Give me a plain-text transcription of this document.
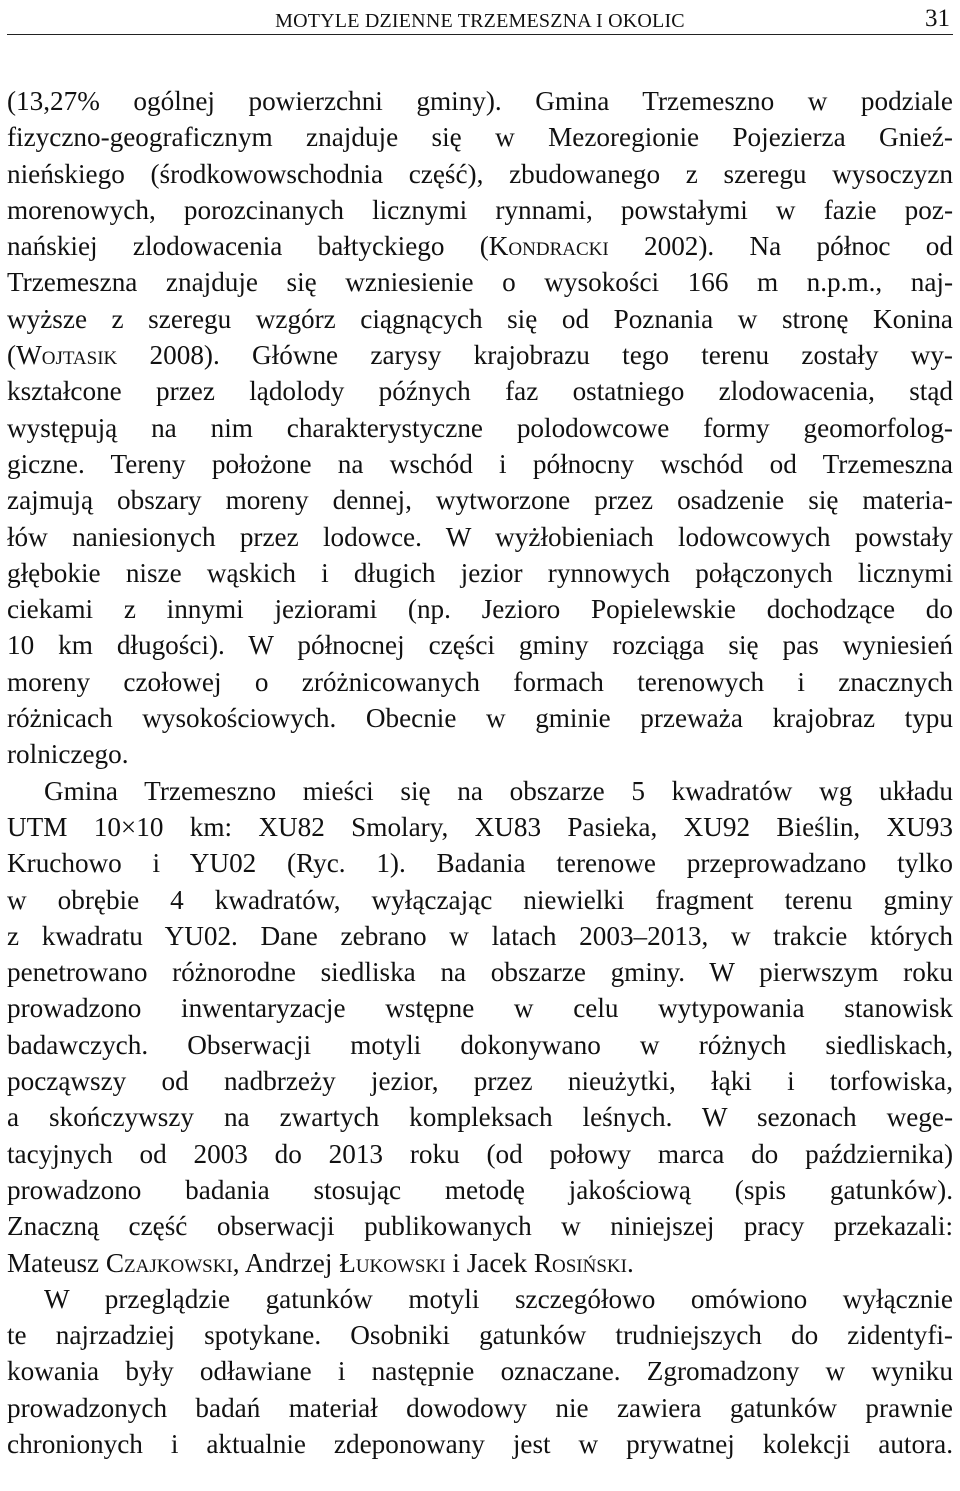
MOTYLE DZIENNE TRZEMESZNA I OKOLIC	31
(13,27% ogólnej powierzchni gminy). Gmina Trzemeszno w podziale
fizyczno-geograficznym znajduje się w Mezoregionie Pojezierza Gnieź-
nieńskiego (środkowowschodnia część), zbudowanego z szeregu wysoczyzn
morenowych, porozcinanych licznymi rynnami, powstałymi w fazie poz-
nańskiej zlodowacenia bałtyckiego (Kondracki 2002). Na północ od
Trzemeszna znajduje się wzniesienie o wysokości 166 m n.p.m., naj-
wyższe z szeregu wzgórz ciągnących się od Poznania w stronę Konina
(Wojtasik 2008). Główne zarysy krajobrazu tego terenu zostały wy-
kształcone przez lądolody późnych faz ostatniego zlodowacenia, stąd
występują na nim charakterystyczne polodowcowe formy geomorfolog-
giczne. Tereny położone na wschód i północny wschód od Trzemeszna
zajmują obszary moreny dennej, wytworzone przez osadzenie się materia-
łów naniesionych przez lodowce. W wyżłobieniach lodowcowych powstały
głębokie nisze wąskich i długich jezior rynnowych połączonych licznymi
ciekami z innymi jeziorami (np. Jezioro Popielewskie dochodzące do
10 km długości). W północnej części gminy rozciąga się pas wyniesień
moreny czołowej o zróżnicowanych formach terenowych i znacznych
różnicach wysokościowych. Obecnie w gminie przeważa krajobraz typu
rolniczego.
Gmina Trzemeszno mieści się na obszarze 5 kwadratów wg układu
UTM 10×10 km: XU82 Smolary, XU83 Pasieka, XU92 Bieślin, XU93
Kruchowo i YU02 (Ryc. 1). Badania terenowe przeprowadzano tylko
w obrębie 4 kwadratów, wyłączając niewielki fragment terenu gminy
z kwadratu YU02. Dane zebrano w latach 2003–2013, w trakcie których
penetrowano różnorodne siedliska na obszarze gminy. W pierwszym roku
prowadzono inwentaryzacje wstępne w celu wytypowania stanowisk
badawczych. Obserwacji motyli dokonywano w różnych siedliskach,
począwszy od nadbrzeży jezior, przez nieużytki, łąki i torfowiska,
a skończywszy na zwartych kompleksach leśnych. W sezonach wege-
tacyjnych od 2003 do 2013 roku (od połowy marca do października)
prowadzono badania stosując metodę jakościową (spis gatunków).
Znaczną część obserwacji publikowanych w niniejszej pracy przekazali:
Mateusz Czajkowski, Andrzej Łukowski i Jacek Rosiński.
W przeglądzie gatunków motyli szczegółowo omówiono wyłącznie
te najrzadziej spotykane. Osobniki gatunków trudniejszych do zidentyfi-
kowania były odławiane i następnie oznaczane. Zgromadzony w wyniku
prowadzonych badań materiał dowodowy nie zawiera gatunków prawnie
chronionych i aktualnie zdeponowany jest w prywatnej kolekcji autora.
